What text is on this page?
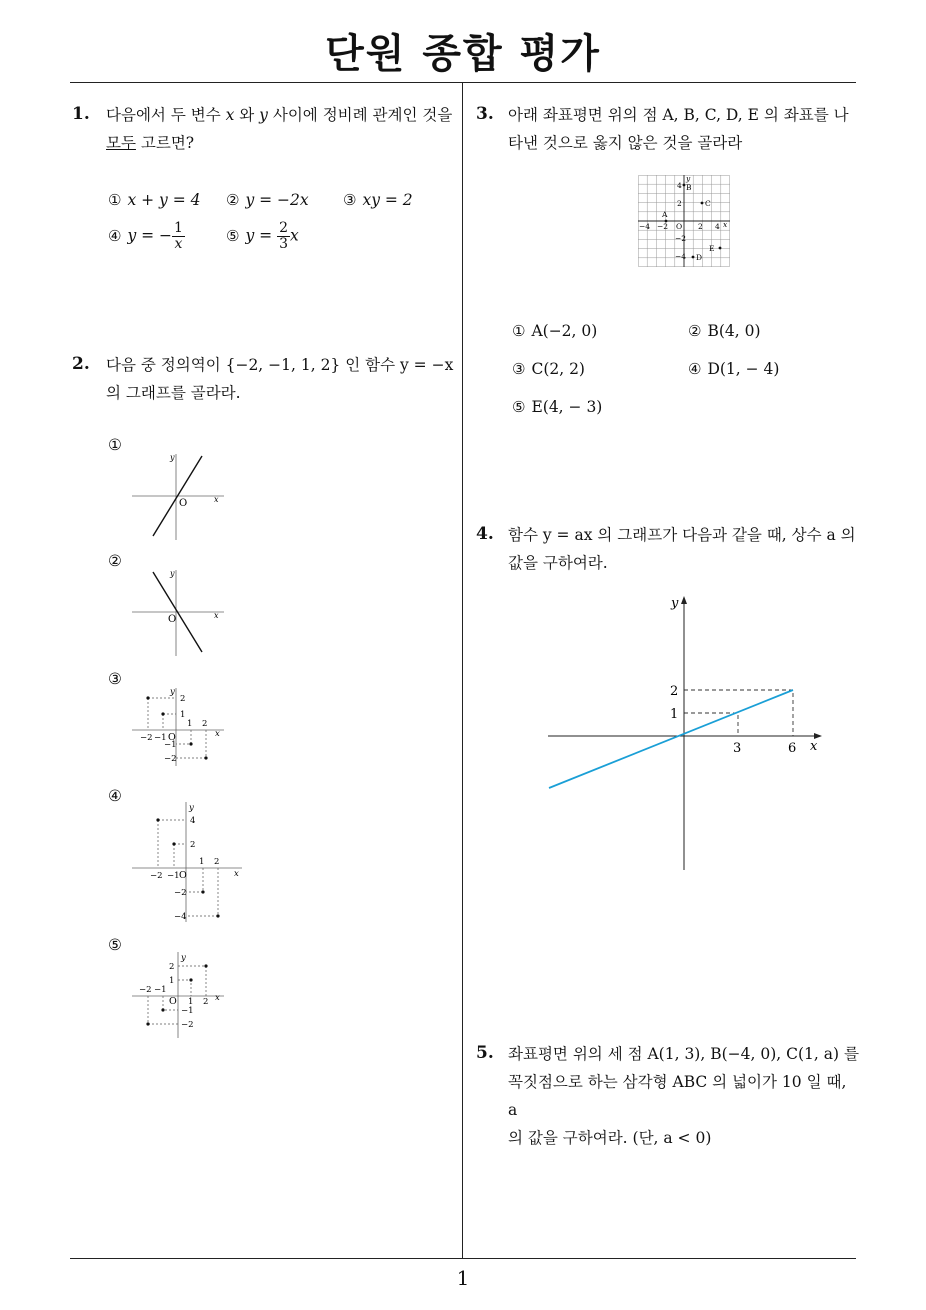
단원 종합 평가
1. 다음에서 두 변수 x 와 y 사이에 정비례 관계인 것을
모두 고르면?
① x + y = 4 ② y = −2x ③ xy = 2
④ y = − $\frac{1}{x}$	⑤ $y = \frac{2}{3}$ x
2. 다음 중 정의역이 {−2, −1, 1, 2} 인 함수 y = −x
의 그래프를 골라라.
①
O	x
y
②
O	x
y
③
2
1
1 2
−2 −1 O
−1
−2
x
y
④
4
2
1 2
−2 −1 O
−2
−4
x
y
⑤
2
1
−2 −1
O 1 2
−1
−2
x
y
3. 아래 좌표평면 위의 점 A, B, C, D, E 의 좌표를 나
타낸 것으로 옳지 않은 것을 골라라
A
B
C
D
E
−4 −2 O 2 4
4
2
−2
−4
x
y
① A(−2, 0)	② B(4, 0)
③ C(2, 2)	④ D(1, − 4)
⑤ E(4, − 3)
4. 함수 y = ax 의 그래프가 다음과 같을 때, 상수 a 의
값을 구하여라.
3	6
1
2
x
y
5. 좌표평면 위의 세 점 A(1, 3), B(−4, 0), C(1, a) 를
꼭짓점으로 하는 삼각형 ABC 의 넓이가 10 일 때, a
의 값을 구하여라. (단, a < 0)
1
